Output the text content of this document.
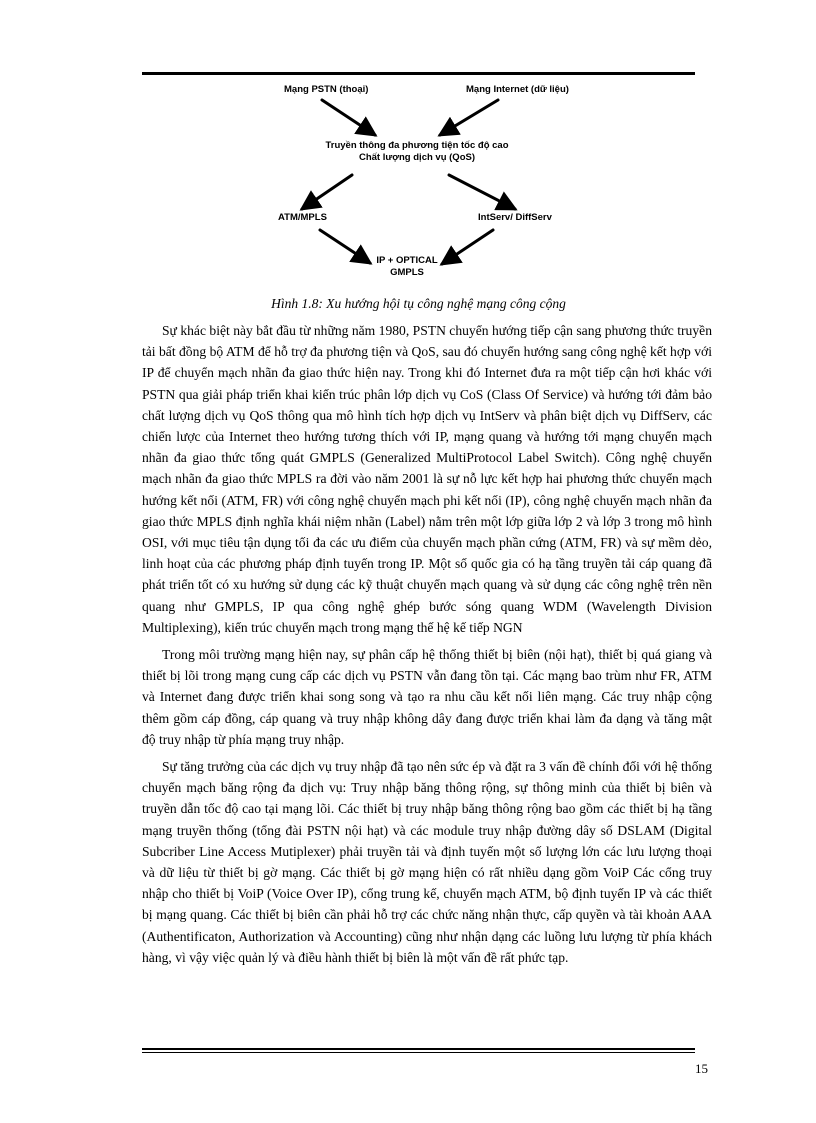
Mạng PSTN (thoại)	Mạng Internet (dữ liệu)
Truyền thông đa phương tiện tốc độ cao
Chất lượng dịch vụ (QoS)
ATM/MPLS	IntServ/ DiffServ
IP + OPTICAL
GMPLS
Hình 1.8: Xu hướng hội tụ công nghệ mạng công cộng

Sự khác biệt này bắt đầu từ những năm 1980, PSTN chuyển hướng tiếp cận sang phương thức truyền tải bất đồng bộ ATM để hỗ trợ đa phương tiện và QoS, sau đó chuyển hướng sang công nghệ kết hợp với IP để chuyển mạch nhãn đa giao thức hiện nay. Trong khi đó Internet đưa ra một tiếp cận hơi khác với PSTN qua giải pháp triển khai kiến trúc phân lớp dịch vụ CoS (Class Of Service) và hướng tới đảm bảo chất lượng dịch vụ QoS thông qua mô hình tích hợp dịch vụ IntServ và phân biệt dịch vụ DiffServ, các chiến lược của Internet theo hướng tương thích với IP, mạng quang và hướng tới mạng chuyển mạch nhãn đa giao thức tổng quát GMPLS (Generalized MultiProtocol Label Switch). Công nghệ chuyển mạch nhãn đa giao thức MPLS ra đời vào năm 2001 là sự nỗ lực kết hợp hai phương thức chuyển mạch hướng kết nối (ATM, FR) với công nghệ chuyển mạch phi kết nối (IP), công nghệ chuyển mạch nhãn đa giao thức MPLS định nghĩa khái niệm nhãn (Label) nằm trên một lớp giữa lớp 2 và lớp 3 trong mô hình OSI, với mục tiêu tận dụng tối đa các ưu điểm của chuyển mạch phần cứng (ATM, FR) và sự mềm dẻo, linh hoạt của các phương pháp định tuyến trong IP. Một số quốc gia có hạ tầng truyền tải cáp quang đã phát triển tốt có xu hướng sử dụng các kỹ thuật chuyển mạch quang và sử dụng các công nghệ trên nền quang như GMPLS, IP qua công nghệ ghép bước sóng quang WDM (Wavelength Division Multiplexing), kiến trúc chuyển mạch trong mạng thế hệ kế tiếp NGN

Trong môi trường mạng hiện nay, sự phân cấp hệ thống thiết bị biên (nội hạt), thiết bị quá giang và thiết bị lõi trong mạng cung cấp các dịch vụ PSTN vẫn đang tồn tại. Các mạng bao trùm như FR, ATM và Internet đang được triển khai song song và tạo ra nhu cầu kết nối liên mạng. Các truy nhập cộng thêm gồm cáp đồng, cáp quang và truy nhập không dây đang được triển khai làm đa dạng và tăng mật độ truy nhập từ phía mạng truy nhập.

Sự tăng trưởng của các dịch vụ truy nhập đã tạo nên sức ép và đặt ra 3 vấn đề chính đối với hệ thống chuyển mạch băng rộng đa dịch vụ: Truy nhập băng thông rộng, sự thông minh của thiết bị biên và truyền dẫn tốc độ cao tại mạng lõi. Các thiết bị truy nhập băng thông rộng bao gồm các thiết bị hạ tầng mạng truyền thống (tổng đài PSTN nội hạt) và các module truy nhập đường dây số DSLAM (Digital Subcriber Line Access Mutiplexer) phải truyền tải và định tuyến một số lượng lớn các lưu lượng thoại và dữ liệu từ thiết bị gờ mạng. Các thiết bị gờ mạng hiện có rất nhiều dạng gồm VoiP Các cổng truy nhập cho thiết bị VoiP (Voice Over IP), cổng trung kế, chuyển mạch ATM, bộ định tuyến IP và các thiết bị mạng quang. Các thiết bị biên cần phải hỗ trợ các chức năng nhận thực, cấp quyền và tài khoản AAA (Authentificaton, Authorization và Accounting) cũng như nhận dạng các luồng lưu lượng từ phía khách hàng, vì vậy việc quản lý và điều hành thiết bị biên là một vấn đề rất phức tạp.

15
